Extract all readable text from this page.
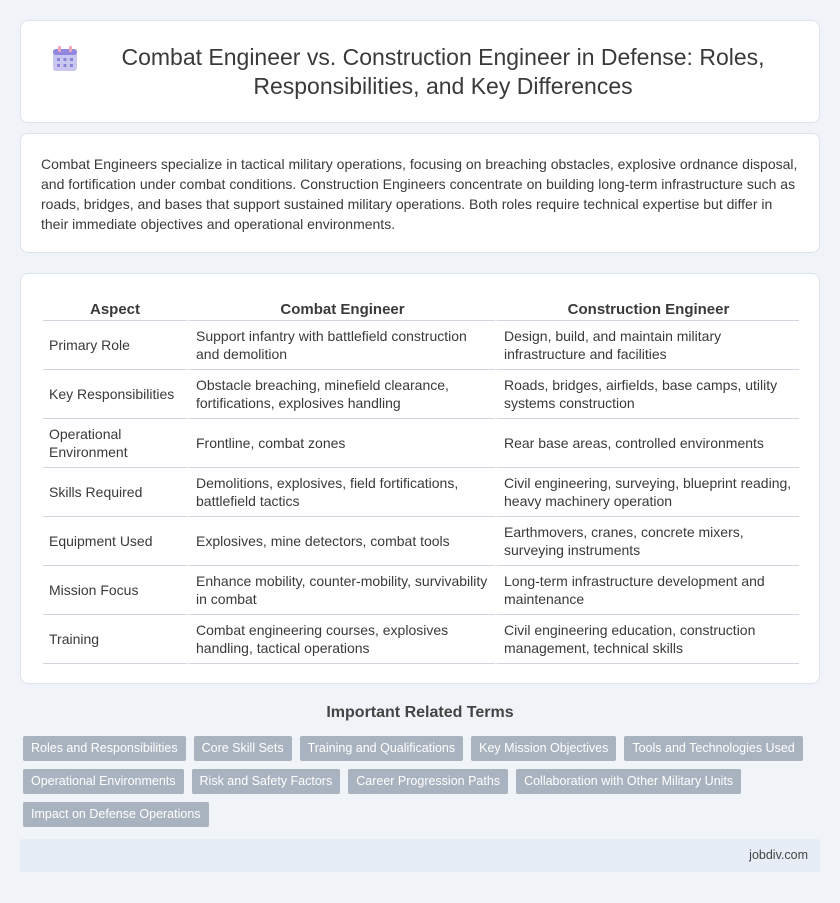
Combat Engineer vs. Construction Engineer in Defense: Roles, Responsibilities, and Key Differences

Combat Engineers specialize in tactical military operations, focusing on breaching obstacles, explosive ordnance disposal, and fortification under combat conditions. Construction Engineers concentrate on building long-term infrastructure such as roads, bridges, and bases that support sustained military operations. Both roles require technical expertise but differ in their immediate objectives and operational environments.

Aspect	Combat Engineer	Construction Engineer
Primary Role	Support infantry with battlefield construction and demolition	Design, build, and maintain military infrastructure and facilities
Key Responsibilities	Obstacle breaching, minefield clearance, fortifications, explosives handling	Roads, bridges, airfields, base camps, utility systems construction
Operational Environment	Frontline, combat zones	Rear base areas, controlled environments
Skills Required	Demolitions, explosives, field fortifications, battlefield tactics	Civil engineering, surveying, blueprint reading, heavy machinery operation
Equipment Used	Explosives, mine detectors, combat tools	Earthmovers, cranes, concrete mixers, surveying instruments
Mission Focus	Enhance mobility, counter-mobility, survivability in combat	Long-term infrastructure development and maintenance
Training	Combat engineering courses, explosives handling, tactical operations	Civil engineering education, construction management, technical skills
Important Related Terms
Roles and Responsibilities	Core Skill Sets	Training and Qualifications	Key Mission Objectives	Tools and Technologies Used
Operational Environments	Risk and Safety Factors	Career Progression Paths	Collaboration with Other Military Units
Impact on Defense Operations
jobdiv.com
